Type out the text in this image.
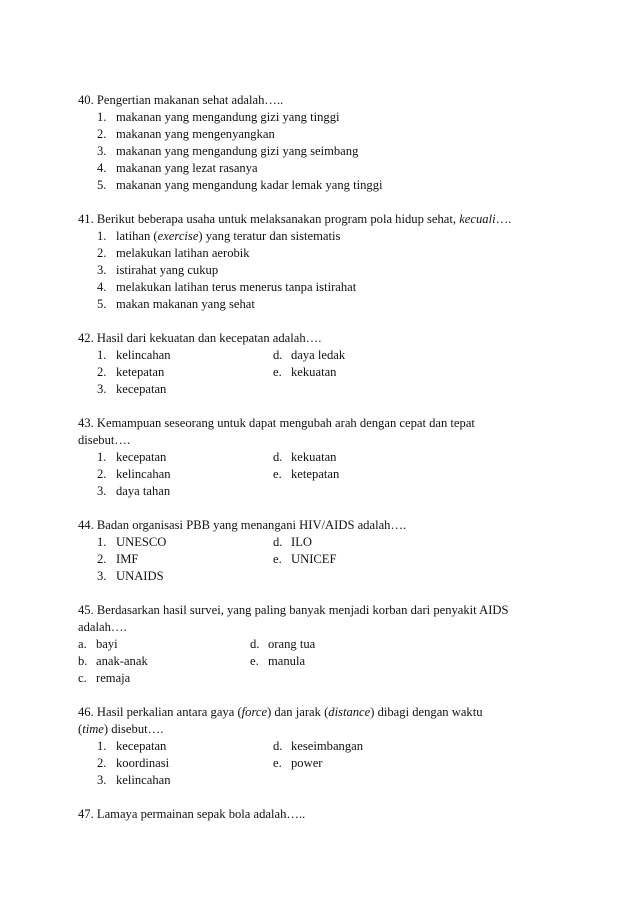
40. Pengertian makanan sehat adalah…..

1. makanan yang mengandung gizi yang tinggi
2. makanan yang mengenyangkan
3. makanan yang mengandung gizi yang seimbang
4. makanan yang lezat rasanya
5. makanan yang mengandung kadar lemak yang tinggi

41. Berikut beberapa usaha untuk melaksanakan program pola hidup sehat, kecuali….

1. latihan (exercise) yang teratur dan sistematis
2. melakukan latihan aerobik
3. istirahat yang cukup
4. melakukan latihan terus menerus tanpa istirahat
5. makan makanan yang sehat

42. Hasil dari kekuatan dan kecepatan adalah….

1. kelincahan	d. daya ledak
2. ketepatan	e. kekuatan
3. kecepatan

43. Kemampuan seseorang untuk dapat mengubah arah dengan cepat dan tepat
disebut….

1. kecepatan	d. kekuatan
2. kelincahan	e. ketepatan
3. daya tahan

44. Badan organisasi PBB yang menangani HIV/AIDS adalah….

1. UNESCO	d. ILO
2. IMF	e. UNICEF
3. UNAIDS

45. Berdasarkan hasil survei, yang paling banyak menjadi korban dari penyakit AIDS
adalah….

a. bayi	d. orang tua
b. anak-anak	e. manula
c. remaja

46. Hasil perkalian antara gaya (force) dan jarak (distance) dibagi dengan waktu
(time) disebut….

1. kecepatan	d. keseimbangan
2. koordinasi	e. power
3. kelincahan

47. Lamaya permainan sepak bola adalah…..
